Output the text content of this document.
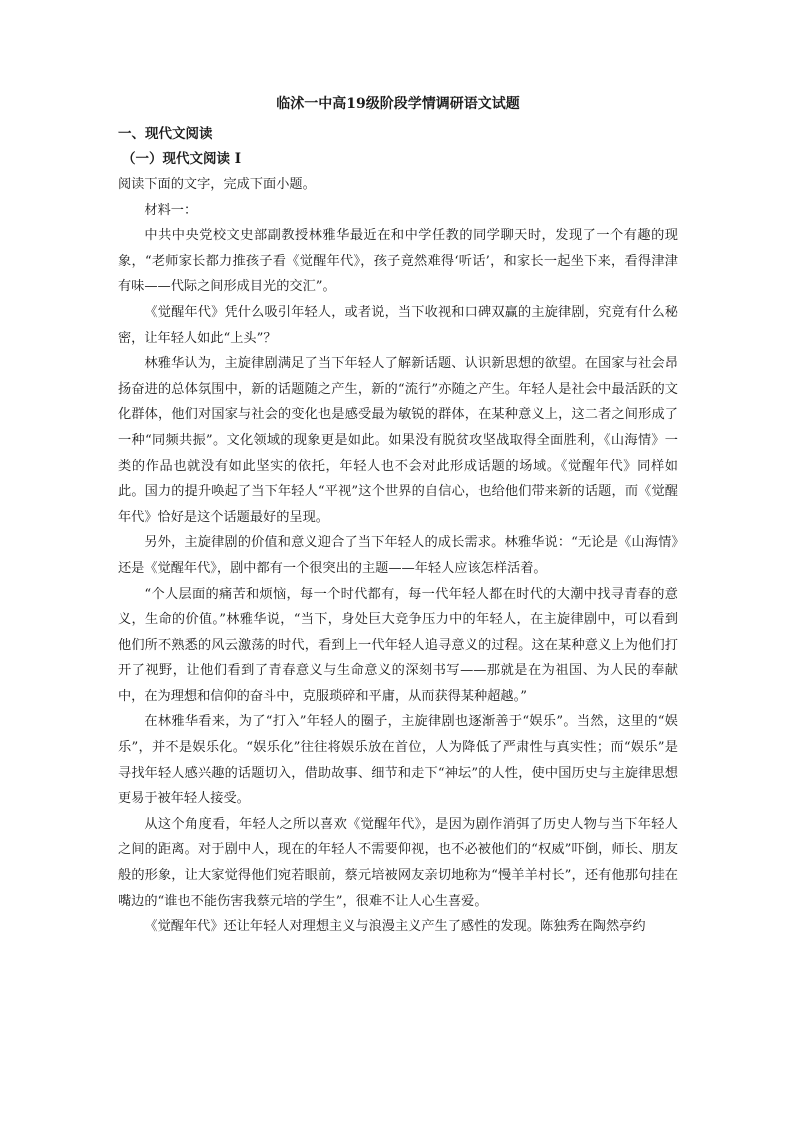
临沭一中高19级阶段学情调研语文试题
一、现代文阅读
（一）现代文阅读 I
阅读下面的文字，完成下面小题。
材料一：

中共中央党校文史部副教授林雅华最近在和中学任教的同学聊天时，发现了一个有趣的现象，“老师家长都力推孩子看《觉醒年代》，孩子竟然难得‘听话’，和家长一起坐下来，看得津津有味——代际之间形成目光的交汇”。

《觉醒年代》凭什么吸引年轻人，或者说，当下收视和口碑双赢的主旋律剧，究竟有什么秘密，让年轻人如此“上头”？

林雅华认为，主旋律剧满足了当下年轻人了解新话题、认识新思想的欲望。在国家与社会昂扬奋进的总体氛围中，新的话题随之产生，新的“流行”亦随之产生。年轻人是社会中最活跃的文化群体，他们对国家与社会的变化也是感受最为敏锐的群体，在某种意义上，这二者之间形成了一种“同频共振”。文化领域的现象更是如此。如果没有脱贫攻坚战取得全面胜利，《山海情》一类的作品也就没有如此坚实的依托，年轻人也不会对此形成话题的场域。《觉醒年代》同样如此。国力的提升唤起了当下年轻人“平视”这个世界的自信心，也给他们带来新的话题，而《觉醒年代》恰好是这个话题最好的呈现。

另外，主旋律剧的价值和意义迎合了当下年轻人的成长需求。林雅华说：“无论是《山海情》还是《觉醒年代》，剧中都有一个很突出的主题——年轻人应该怎样活着。

“个人层面的痛苦和烦恼，每一个时代都有，每一代年轻人都在时代的大潮中找寻青春的意义，生命的价值。”林雅华说，“当下，身处巨大竞争压力中的年轻人，在主旋律剧中，可以看到他们所不熟悉的风云激荡的时代，看到上一代年轻人追寻意义的过程。这在某种意义上为他们打开了视野，让他们看到了青春意义与生命意义的深刻书写——那就是在为祖国、为人民的奉献中，在为理想和信仰的奋斗中，克服琐碎和平庸，从而获得某种超越。”

在林雅华看来，为了“打入”年轻人的圈子，主旋律剧也逐渐善于“娱乐”。当然，这里的“娱乐”，并不是娱乐化。“娱乐化”往往将娱乐放在首位，人为降低了严肃性与真实性；而“娱乐”是寻找年轻人感兴趣的话题切入，借助故事、细节和走下“神坛”的人性，使中国历史与主旋律思想更易于被年轻人接受。

从这个角度看，年轻人之所以喜欢《觉醒年代》，是因为剧作消弭了历史人物与当下年轻人之间的距离。对于剧中人，现在的年轻人不需要仰视，也不必被他们的“权威”吓倒，师长、朋友般的形象，让大家觉得他们宛若眼前，蔡元培被网友亲切地称为“慢羊羊村长”，还有他那句挂在嘴边的“谁也不能伤害我蔡元培的学生”，很难不让人心生喜爱。

《觉醒年代》还让年轻人对理想主义与浪漫主义产生了感性的发现。陈独秀在陶然亭约
